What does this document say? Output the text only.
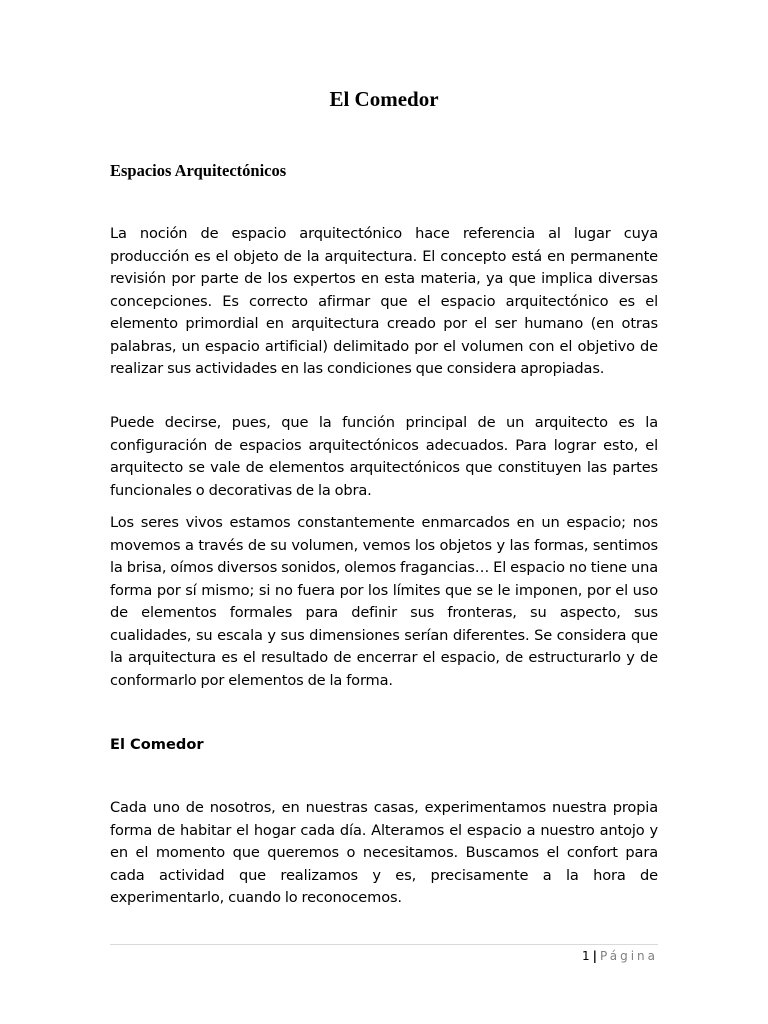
El Comedor
Espacios Arquitectónicos

La noción de espacio arquitectónico hace referencia al lugar cuya producción es el objeto de la arquitectura. El concepto está en permanente revisión por parte de los expertos en esta materia, ya que implica diversas concepciones. Es correcto afirmar que el espacio arquitectónico es el elemento primordial en arquitectura creado por el ser humano (en otras palabras, un espacio artificial) delimitado por el volumen con el objetivo de realizar sus actividades en las condiciones que considera apropiadas.

Puede decirse, pues, que la función principal de un arquitecto es la configuración de espacios arquitectónicos adecuados. Para lograr esto, el arquitecto se vale de elementos arquitectónicos que constituyen las partes funcionales o decorativas de la obra.

Los seres vivos estamos constantemente enmarcados en un espacio; nos movemos a través de su volumen, vemos los objetos y las formas, sentimos la brisa, oímos diversos sonidos, olemos fragancias… El espacio no tiene una forma por sí mismo; si no fuera por los límites que se le imponen, por el uso de elementos formales para definir sus fronteras, su aspecto, sus cualidades, su escala y sus dimensiones serían diferentes. Se considera que la arquitectura es el resultado de encerrar el espacio, de estructurarlo y de conformarlo por elementos de la forma.

El Comedor

Cada uno de nosotros, en nuestras casas, experimentamos nuestra propia forma de habitar el hogar cada día. Alteramos el espacio a nuestro antojo y en el momento que queremos o necesitamos. Buscamos el confort para cada actividad que realizamos y es, precisamente a la hora de experimentarlo, cuando lo reconocemos.

1 | Página
